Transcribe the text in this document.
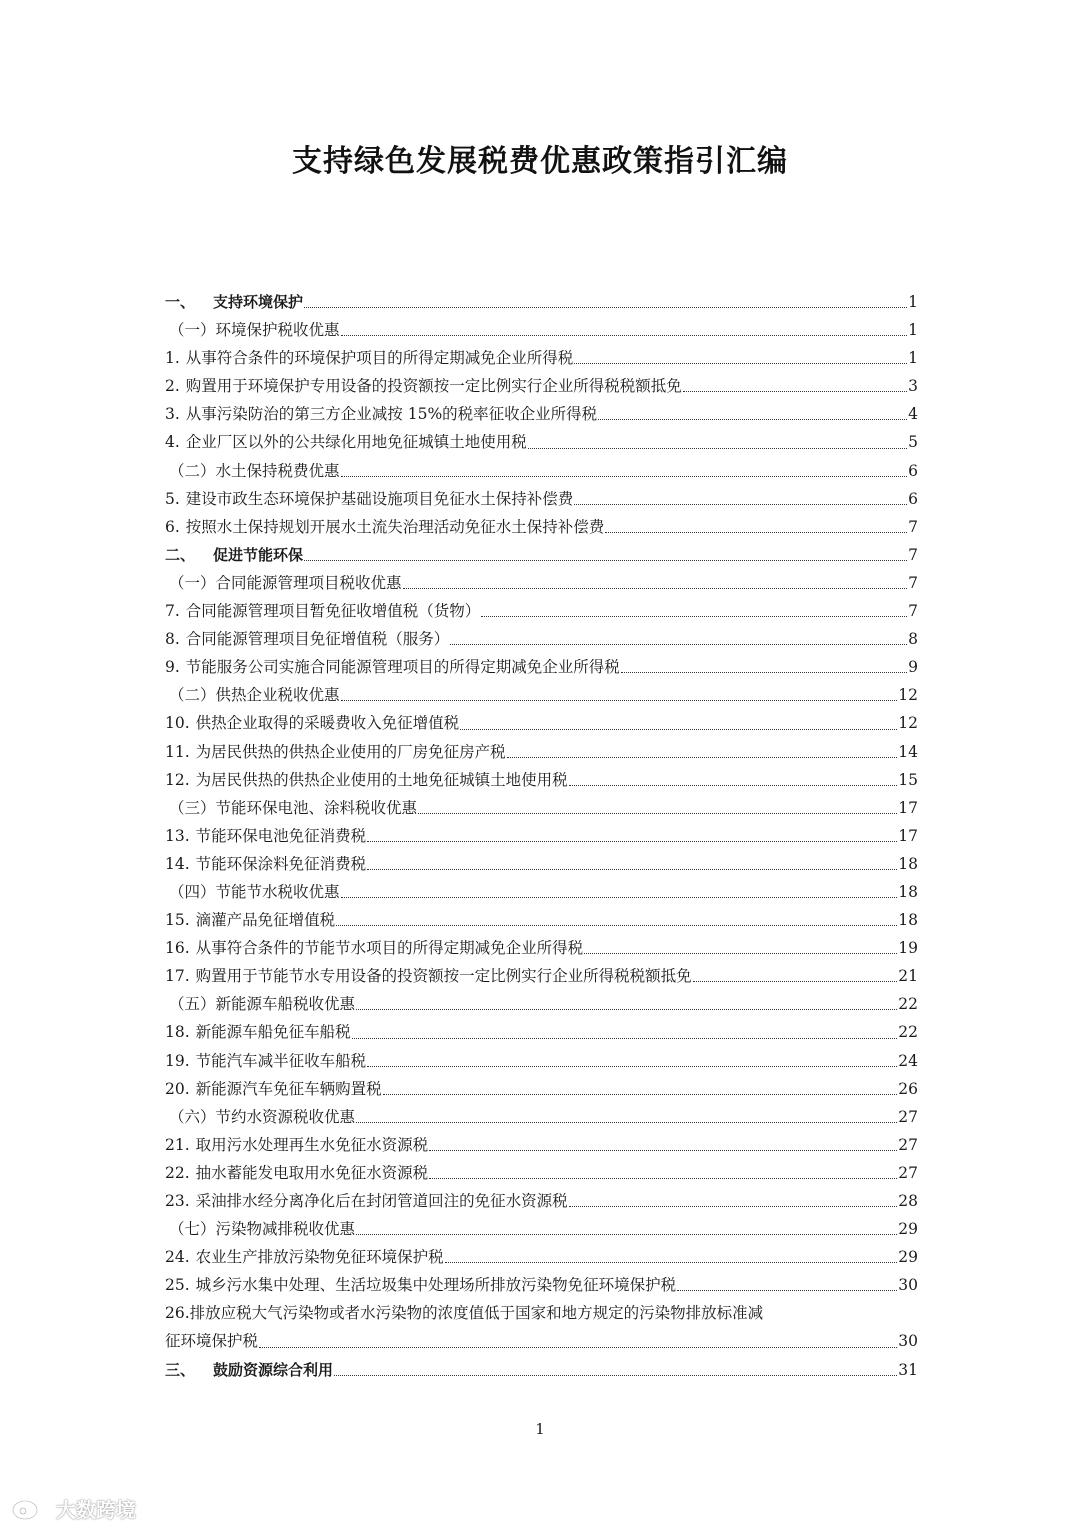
支持绿色发展税费优惠政策指引汇编
一、 支持环境保护	1
（一）环境保护税收优惠	1
1. 从事符合条件的环境保护项目的所得定期减免企业所得税	1
2. 购置用于环境保护专用设备的投资额按一定比例实行企业所得税税额抵免	3
3. 从事污染防治的第三方企业减按 15%的税率征收企业所得税	4
4. 企业厂区以外的公共绿化用地免征城镇土地使用税	5
（二）水土保持税费优惠	6
5. 建设市政生态环境保护基础设施项目免征水土保持补偿费	6
6. 按照水土保持规划开展水土流失治理活动免征水土保持补偿费	7
二、 促进节能环保	7
（一）合同能源管理项目税收优惠	7
7. 合同能源管理项目暂免征收增值税（货物）	7
8. 合同能源管理项目免征增值税（服务）	8
9. 节能服务公司实施合同能源管理项目的所得定期减免企业所得税	9
（二）供热企业税收优惠	12
10. 供热企业取得的采暖费收入免征增值税	12
11. 为居民供热的供热企业使用的厂房免征房产税	14
12. 为居民供热的供热企业使用的土地免征城镇土地使用税	15
（三）节能环保电池、涂料税收优惠	17
13. 节能环保电池免征消费税	17
14. 节能环保涂料免征消费税	18
（四）节能节水税收优惠	18
15. 滴灌产品免征增值税	18
16. 从事符合条件的节能节水项目的所得定期减免企业所得税	19
17. 购置用于节能节水专用设备的投资额按一定比例实行企业所得税税额抵免	21
（五）新能源车船税收优惠	22
18. 新能源车船免征车船税	22
19. 节能汽车减半征收车船税	24
20. 新能源汽车免征车辆购置税	26
（六）节约水资源税收优惠	27
21. 取用污水处理再生水免征水资源税	27
22. 抽水蓄能发电取用水免征水资源税	27
23. 采油排水经分离净化后在封闭管道回注的免征水资源税	28
（七）污染物减排税收优惠	29
24. 农业生产排放污染物免征环境保护税	29
25. 城乡污水集中处理、生活垃圾集中处理场所排放污染物免征环境保护税	30
26.排放应税大气污染物或者水污染物的浓度值低于国家和地方规定的污染物排放标准减
征环境保护税	30
三、 鼓励资源综合利用	31
1
大数跨境
